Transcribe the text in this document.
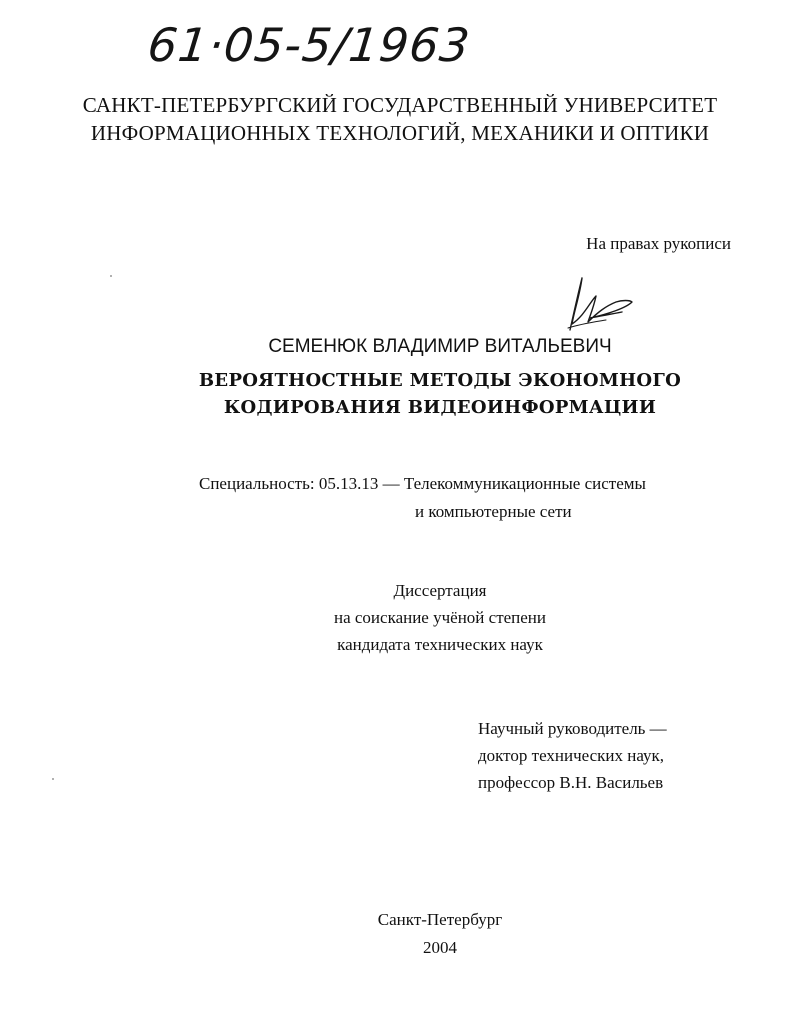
61·05-5/1963
САНКТ-ПЕТЕРБУРГСКИЙ ГОСУДАРСТВЕННЫЙ УНИВЕРСИТЕТ
ИНФОРМАЦИОННЫХ ТЕХНОЛОГИЙ, МЕХАНИКИ И ОПТИКИ
На правах рукописи
СЕМЕНЮК ВЛАДИМИР ВИТАЛЬЕВИЧ
ВЕРОЯТНОСТНЫЕ МЕТОДЫ ЭКОНОМНОГО
КОДИРОВАНИЯ ВИДЕОИНФОРМАЦИИ
Специальность: 05.13.13 — Телекоммуникационные системы
и компьютерные сети
Диссертация
на соискание учёной степени
кандидата технических наук
Научный руководитель —
доктор технических наук,
профессор В.Н. Васильев
Санкт-Петербург
2004
